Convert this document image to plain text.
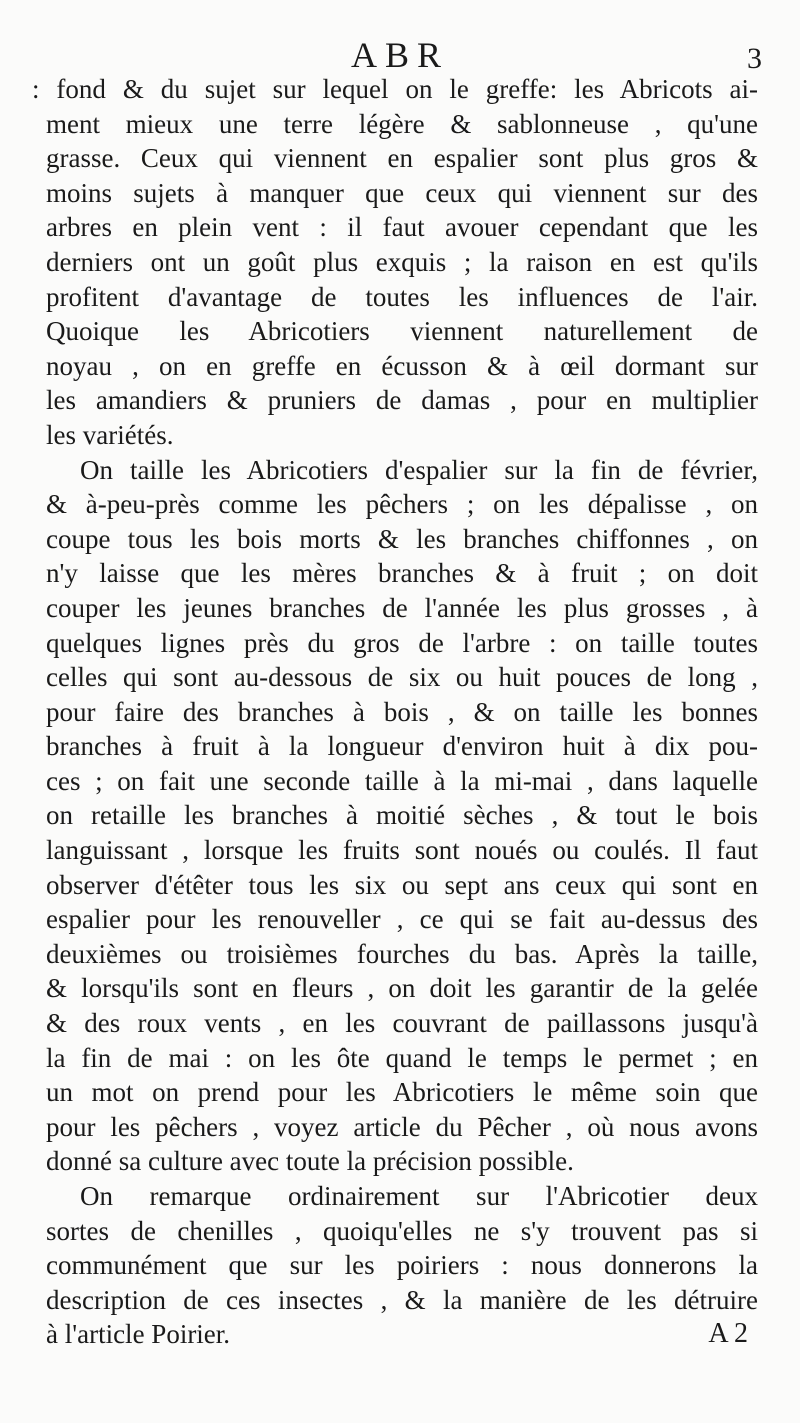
ABR	3

: fond & du sujet sur lequel on le greffe: les Abricots ai-
ment mieux une terre légère & sablonneuse , qu'une
grasse. Ceux qui viennent en espalier sont plus gros &
moins sujets à manquer que ceux qui viennent sur des
arbres en plein vent : il faut avouer cependant que les
derniers ont un goût plus exquis ; la raison en est qu'ils
profitent d'avantage de toutes les influences de l'air.
Quoique les Abricotiers viennent naturellement de
noyau , on en greffe en écusson & à œil dormant sur
les amandiers & pruniers de damas , pour en multiplier
les variétés.

On taille les Abricotiers d'espalier sur la fin de février,
& à-peu-près comme les pêchers ; on les dépalisse , on
coupe tous les bois morts & les branches chiffonnes , on
n'y laisse que les mères branches & à fruit ; on doit
couper les jeunes branches de l'année les plus grosses , à
quelques lignes près du gros de l'arbre : on taille toutes
celles qui sont au-dessous de six ou huit pouces de long ,
pour faire des branches à bois , & on taille les bonnes
branches à fruit à la longueur d'environ huit à dix pou-
ces ; on fait une seconde taille à la mi-mai , dans laquelle
on retaille les branches à moitié sèches , & tout le bois
languissant , lorsque les fruits sont noués ou coulés. Il faut
observer d'étêter tous les six ou sept ans ceux qui sont en
espalier pour les renouveller , ce qui se fait au-dessus des
deuxièmes ou troisièmes fourches du bas. Après la taille,
& lorsqu'ils sont en fleurs , on doit les garantir de la gelée
& des roux vents , en les couvrant de paillassons jusqu'à
la fin de mai : on les ôte quand le temps le permet ; en
un mot on prend pour les Abricotiers le même soin que
pour les pêchers , voyez article du Pêcher , où nous avons
donné sa culture avec toute la précision possible.

On remarque ordinairement sur l'Abricotier deux
sortes de chenilles , quoiqu'elles ne s'y trouvent pas si
communément que sur les poiriers : nous donnerons la
description de ces insectes , & la manière de les détruire
à l'article Poirier.	A 2
